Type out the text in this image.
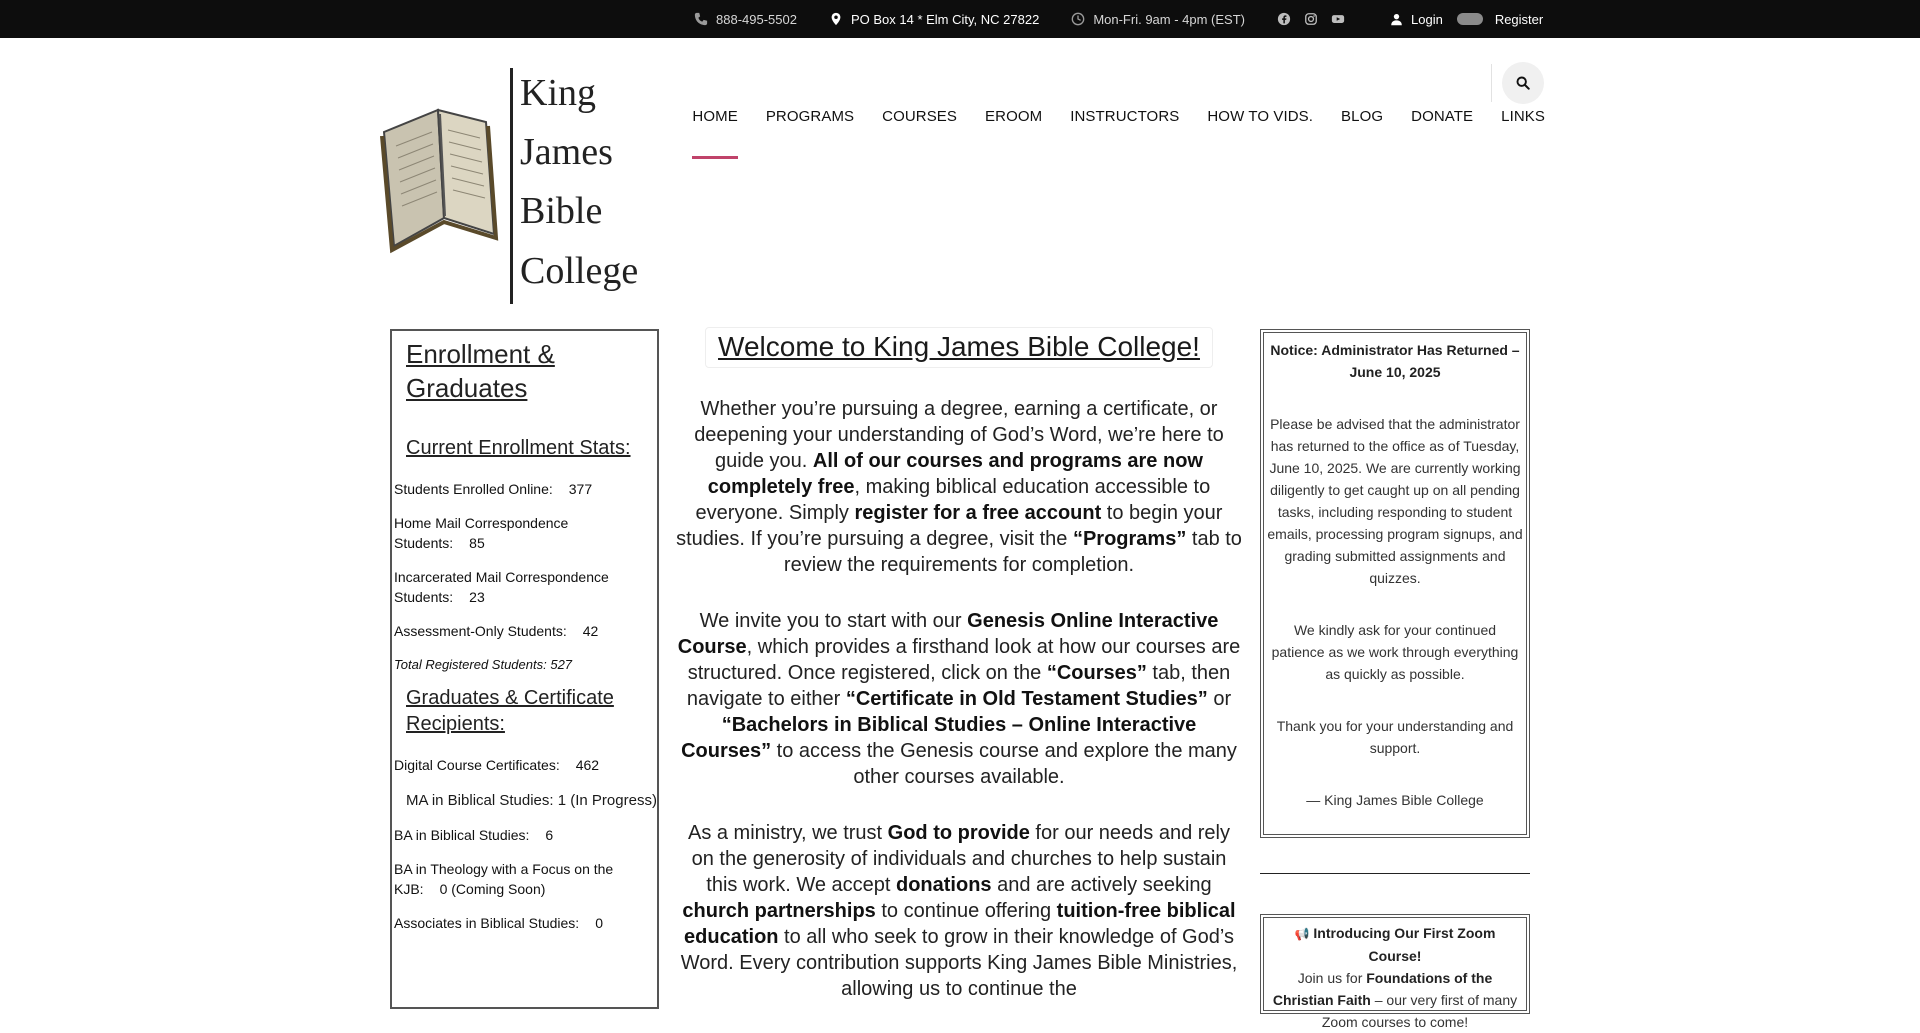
888-495-5502	PO Box 14 * Elm City, NC 27822	Mon-Fri. 9am - 4pm (EST)	Login	Register
King
James
Bible
College
HOME PROGRAMS COURSES EROOM INSTRUCTORS HOW TO VIDS. BLOG DONATE LINKS
Enrollment & Graduates
Current Enrollment Stats:
Students Enrolled Online: 377
Home Mail Correspondence Students: 85
Incarcerated Mail Correspondence Students: 23
Assessment-Only Students: 42
Total Registered Students: 527
Graduates & Certificate Recipients:
Digital Course Certificates: 462
MA in Biblical Studies: 1 (In Progress)
BA in Biblical Studies: 6
BA in Theology with a Focus on the KJB: 0 (Coming Soon)
Associates in Biblical Studies: 0
Welcome to King James Bible College!

Whether you’re pursuing a degree, earning a certificate, or deepening your understanding of God’s Word, we’re here to guide you. All of our courses and programs are now completely free, making biblical education accessible to everyone. Simply register for a free account to begin your studies. If you’re pursuing a degree, visit the “Programs” tab to review the requirements for completion.

We invite you to start with our Genesis Online Interactive Course, which provides a firsthand look at how our courses are structured. Once registered, click on the “Courses” tab, then navigate to either “Certificate in Old Testament Studies” or “Bachelors in Biblical Studies – Online Interactive Courses” to access the Genesis course and explore the many other courses available.

As a ministry, we trust God to provide for our needs and rely on the generosity of individuals and churches to help sustain this work. We accept donations and are actively seeking church partnerships to continue offering tuition-free biblical education to all who seek to grow in their knowledge of God’s Word. Every contribution supports King James Bible Ministries, allowing us to continue the

Notice: Administrator Has Returned – June 10, 2025

Please be advised that the administrator has returned to the office as of Tuesday, June 10, 2025. We are currently working diligently to get caught up on all pending tasks, including responding to student emails, processing program signups, and grading submitted assignments and quizzes.

We kindly ask for your continued patience as we work through everything as quickly as possible.

Thank you for your understanding and support.

— King James Bible College

📢 Introducing Our First Zoom Course!
Join us for Foundations of the Christian Faith – our very first of many Zoom courses to come!
